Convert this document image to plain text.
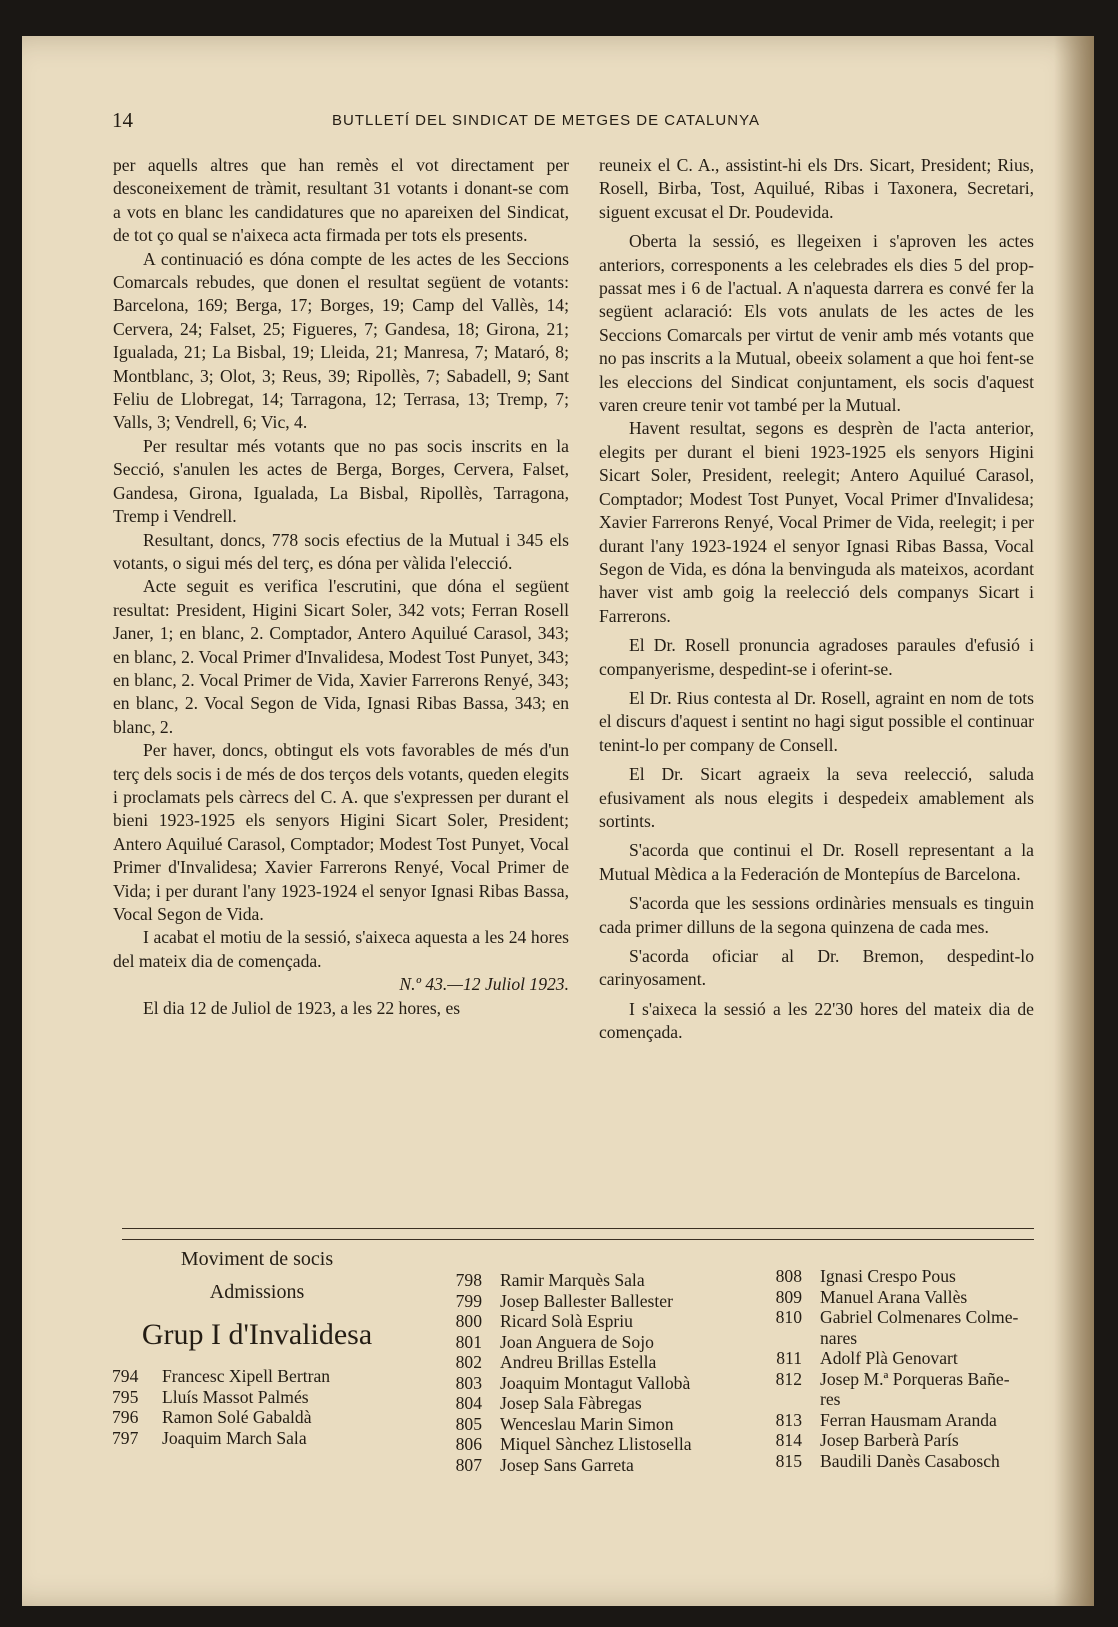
14	BUTLLETÍ DEL SINDICAT DE METGES DE CATALUNYA

per aquells altres que han remès el vot directament per desconeixement de tràmit, resultant 31 votants i donant-se com a vots en blanc les candidatures que no apareixen del Sindicat, de tot ço qual se n'aixeca acta firmada per tots els presents.

A continuació es dóna compte de les actes de les Seccions Comarcals rebudes, que donen el resultat següent de votants: Barcelona, 169; Berga, 17; Borges, 19; Camp del Vallès, 14; Cervera, 24; Falset, 25; Figueres, 7; Gandesa, 18; Girona, 21; Igualada, 21; La Bisbal, 19; Lleida, 21; Manresa, 7; Mataró, 8; Montblanc, 3; Olot, 3; Reus, 39; Ripollès, 7; Sabadell, 9; Sant Feliu de Llobregat, 14; Tarragona, 12; Terrasa, 13; Tremp, 7; Valls, 3; Vendrell, 6; Vic, 4.

Per resultar més votants que no pas socis inscrits en la Secció, s'anulen les actes de Berga, Borges, Cervera, Falset, Gandesa, Girona, Igualada, La Bisbal, Ripollès, Tarragona, Tremp i Vendrell.

Resultant, doncs, 778 socis efectius de la Mutual i 345 els votants, o sigui més del terç, es dóna per vàlida l'elecció.

Acte seguit es verifica l'escrutini, que dóna el següent resultat: President, Higini Sicart Soler, 342 vots; Ferran Rosell Janer, 1; en blanc, 2. Comptador, Antero Aquilué Carasol, 343; en blanc, 2. Vocal Primer d'Invalidesa, Modest Tost Punyet, 343; en blanc, 2. Vocal Primer de Vida, Xavier Farrerons Renyé, 343; en blanc, 2. Vocal Segon de Vida, Ignasi Ribas Bassa, 343; en blanc, 2.

Per haver, doncs, obtingut els vots favorables de més d'un terç dels socis i de més de dos terços dels votants, queden elegits i proclamats pels càrrecs del C. A. que s'expressen per durant el bieni 1923-1925 els senyors Higini Sicart Soler, President; Antero Aquilué Carasol, Comptador; Modest Tost Punyet, Vocal Primer d'Invalidesa; Xavier Farrerons Renyé, Vocal Primer de Vida; i per durant l'any 1923-1924 el senyor Ignasi Ribas Bassa, Vocal Segon de Vida.

I acabat el motiu de la sessió, s'aixeca aquesta a les 24 hores del mateix dia de començada.

N.º 43.—12 Juliol 1923.

El dia 12 de Juliol de 1923, a les 22 hores, es

reuneix el C. A., assistint-hi els Drs. Sicart, President; Rius, Rosell, Birba, Tost, Aquilué, Ribas i Taxonera, Secretari, siguent excusat el Dr. Poudevida.

Oberta la sessió, es llegeixen i s'aproven les actes anteriors, corresponents a les celebrades els dies 5 del prop-passat mes i 6 de l'actual. A n'aquesta darrera es convé fer la següent aclaració: Els vots anulats de les actes de les Seccions Comarcals per virtut de venir amb més votants que no pas inscrits a la Mutual, obeeix solament a que hoi fent-se les eleccions del Sindicat conjuntament, els socis d'aquest varen creure tenir vot també per la Mutual.

Havent resultat, segons es desprèn de l'acta anterior, elegits per durant el bieni 1923-1925 els senyors Higini Sicart Soler, President, reelegit; Antero Aquilué Carasol, Comptador; Modest Tost Punyet, Vocal Primer d'Invalidesa; Xavier Farrerons Renyé, Vocal Primer de Vida, reelegit; i per durant l'any 1923-1924 el senyor Ignasi Ribas Bassa, Vocal Segon de Vida, es dóna la benvinguda als mateixos, acordant haver vist amb goig la reelecció dels companys Sicart i Farrerons.

El Dr. Rosell pronuncia agradoses paraules d'efusió i companyerisme, despedint-se i oferint-se.

El Dr. Rius contesta al Dr. Rosell, agraint en nom de tots el discurs d'aquest i sentint no hagi sigut possible el continuar tenint-lo per company de Consell.

El Dr. Sicart agraeix la seva reelecció, saluda efusivament als nous elegits i despedeix amablement als sortints.

S'acorda que continui el Dr. Rosell representant a la Mutual Mèdica a la Federación de Montepíus de Barcelona.

S'acorda que les sessions ordinàries mensuals es tinguin cada primer dilluns de la segona quinzena de cada mes.

S'acorda oficiar al Dr. Bremon, despedint-lo carinyosament.

I s'aixeca la sessió a les 22'30 hores del mateix dia de començada.

Moviment de socis
Admissions
Grup I d'Invalidesa
794	Francesc Xipell Bertran
795	Lluís Massot Palmés
796	Ramon Solé Gabaldà
797	Joaquim March Sala
798	Ramir Marquès Sala
799	Josep Ballester Ballester
800	Ricard Solà Espriu
801	Joan Anguera de Sojo
802	Andreu Brillas Estella
803	Joaquim Montagut Vallobà
804	Josep Sala Fàbregas
805	Wenceslau Marin Simon
806	Miquel Sànchez Llistosella
807	Josep Sans Garreta
808	Ignasi Crespo Pous
809	Manuel Arana Vallès
810	Gabriel Colmenares Colme-
nares
811	Adolf Plà Genovart
812	Josep M.ª Porqueras Bañe-
res
813	Ferran Hausmam Aranda
814	Josep Barberà París
815	Baudili Danès Casabosch
